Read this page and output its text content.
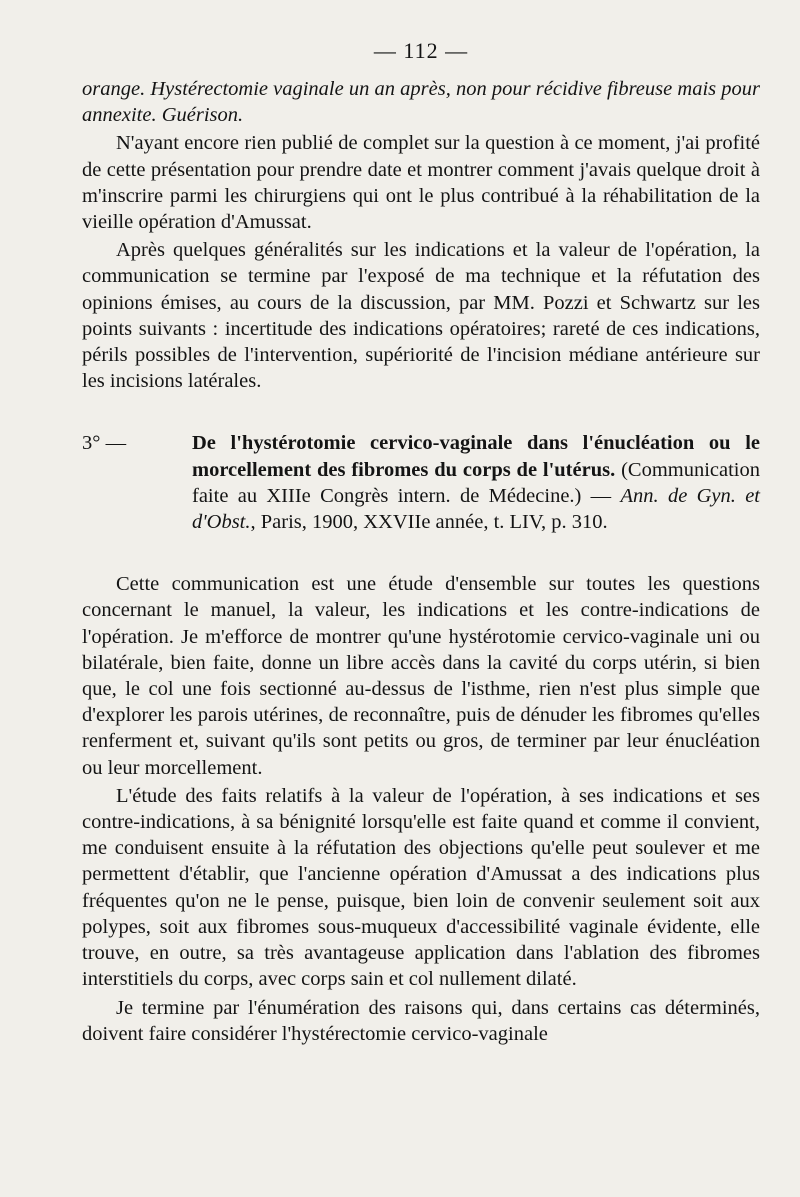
— 112 —

orange. Hystérectomie vaginale un an après, non pour récidive fibreuse mais pour annexite. Guérison.

N'ayant encore rien publié de complet sur la question à ce moment, j'ai profité de cette présentation pour prendre date et montrer comment j'avais quelque droit à m'inscrire parmi les chirurgiens qui ont le plus contribué à la réhabilitation de la vieille opération d'Amussat.

Après quelques généralités sur les indications et la valeur de l'opération, la communication se termine par l'exposé de ma technique et la réfutation des opinions émises, au cours de la discussion, par MM. Pozzi et Schwartz sur les points suivants : incertitude des indications opératoires; rareté de ces indications, périls possibles de l'intervention, supériorité de l'incision médiane antérieure sur les incisions latérales.

3° —	De l'hystérotomie cervico-vaginale dans l'énucléation ou le morcellement des fibromes du corps de l'utérus. (Communication faite au XIIIe Congrès intern. de Médecine.) — Ann. de Gyn. et d'Obst., Paris, 1900, XXVIIe année, t. LIV, p. 310.

Cette communication est une étude d'ensemble sur toutes les questions concernant le manuel, la valeur, les indications et les contre-indications de l'opération. Je m'efforce de montrer qu'une hystérotomie cervico-vaginale uni ou bilatérale, bien faite, donne un libre accès dans la cavité du corps utérin, si bien que, le col une fois sectionné au-dessus de l'isthme, rien n'est plus simple que d'explorer les parois utérines, de reconnaître, puis de dénuder les fibromes qu'elles renferment et, suivant qu'ils sont petits ou gros, de terminer par leur énucléation ou leur morcellement.

L'étude des faits relatifs à la valeur de l'opération, à ses indications et ses contre-indications, à sa bénignité lorsqu'elle est faite quand et comme il convient, me conduisent ensuite à la réfutation des objections qu'elle peut soulever et me permettent d'établir, que l'ancienne opération d'Amussat a des indications plus fréquentes qu'on ne le pense, puisque, bien loin de convenir seulement soit aux polypes, soit aux fibromes sous-muqueux d'accessibilité vaginale évidente, elle trouve, en outre, sa très avantageuse application dans l'ablation des fibromes interstitiels du corps, avec corps sain et col nullement dilaté.

Je termine par l'énumération des raisons qui, dans certains cas déterminés, doivent faire considérer l'hystérectomie cervico-vaginale
